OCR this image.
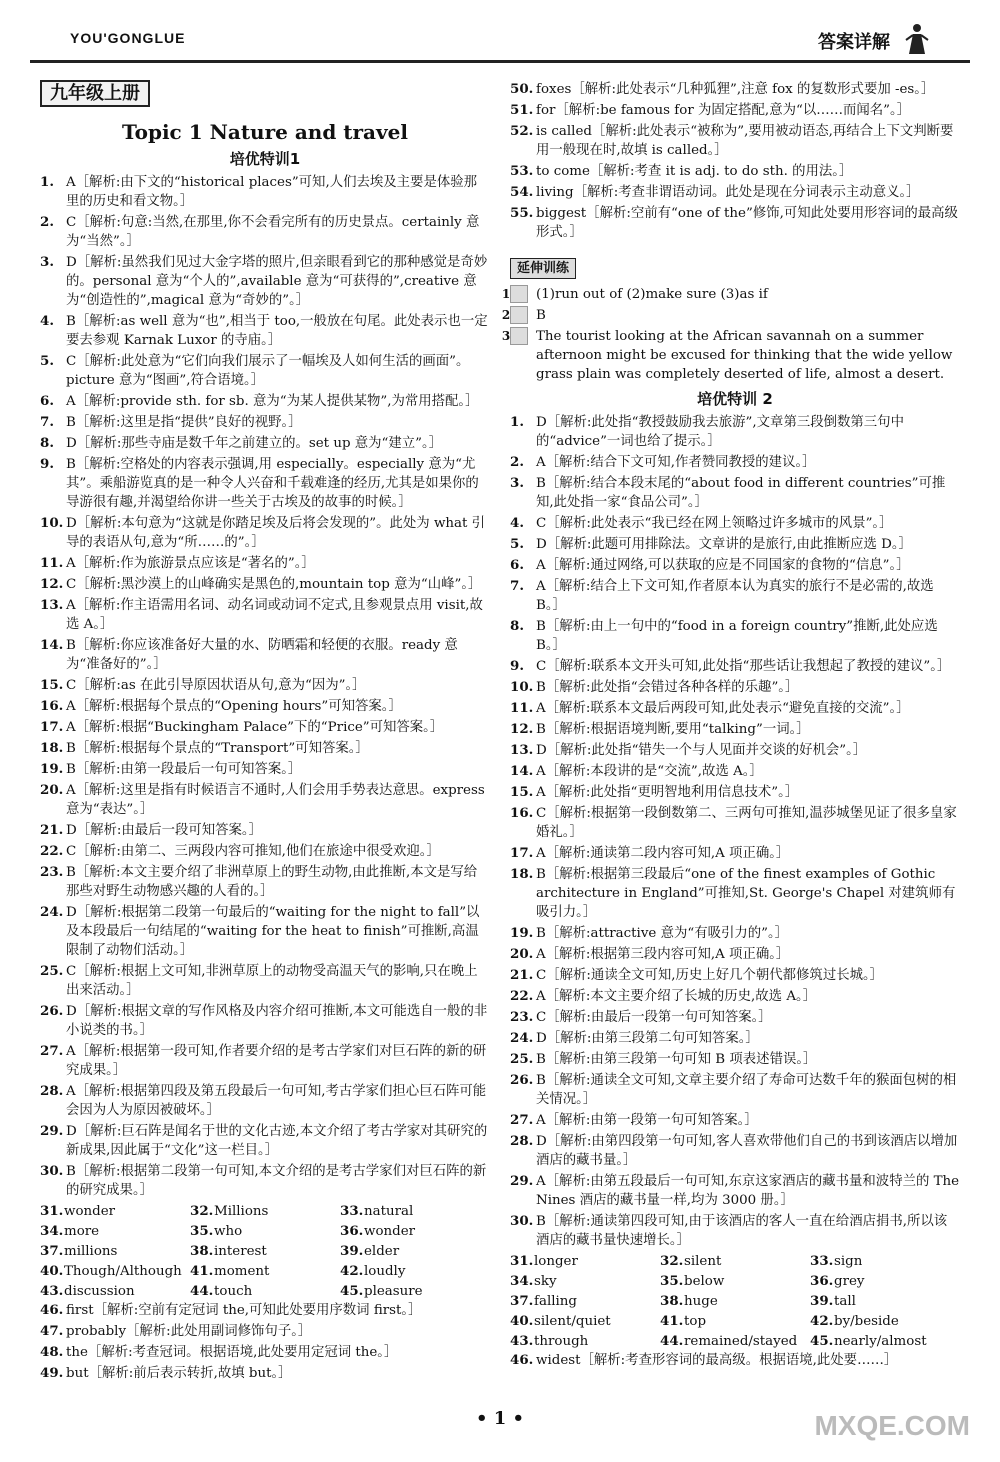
YOU'GONGLUE	答案详解
九年级上册
Topic 1 Nature and travel
培优特训1
1. A［解析:由下文的“historical places”可知,人们去埃及主要是体验那里的历史和看文物。］
2. C［解析:句意:当然,在那里,你不会看完所有的历史景点。certainly 意为“当然”。］
3. D［解析:虽然我们见过大金字塔的照片,但亲眼看到它的那种感觉是奇妙的。personal 意为“个人的”,available 意为“可获得的”,creative 意为“创造性的”,magical 意为“奇妙的”。］
4. B［解析:as well 意为“也”,相当于 too,一般放在句尾。此处表示也一定要去参观 Karnak Luxor 的寺庙。］
5. C［解析:此处意为“它们向我们展示了一幅埃及人如何生活的画面”。picture 意为“图画”,符合语境。］
6. A［解析:provide sth. for sb. 意为“为某人提供某物”,为常用搭配。］
7. B［解析:这里是指“提供”良好的视野。］
8. D［解析:那些寺庙是数千年之前建立的。set up 意为“建立”。］
9. B［解析:空格处的内容表示强调,用 especially。especially 意为“尤其”。乘船游览真的是一种令人兴奋和千载难逢的经历,尤其是如果你的导游很有趣,并渴望给你讲一些关于古埃及的故事的时候。］
10. D［解析:本句意为“这就是你踏足埃及后将会发现的”。此处为 what 引导的表语从句,意为“所……的”。］
11. A［解析:作为旅游景点应该是“著名的”。］
12. C［解析:黑沙漠上的山峰确实是黑色的,mountain top 意为“山峰”。］
13. A［解析:作主语需用名词、动名词或动词不定式,且参观景点用 visit,故选 A。］
14. B［解析:你应该准备好大量的水、防晒霜和轻便的衣服。ready 意为“准备好的”。］
15. C［解析:as 在此引导原因状语从句,意为“因为”。］
16. A［解析:根据每个景点的“Opening hours”可知答案。］
17. A［解析:根据“Buckingham Palace”下的“Price”可知答案。］
18. B［解析:根据每个景点的“Transport”可知答案。］
19. B［解析:由第一段最后一句可知答案。］
20. A［解析:这里是指有时候语言不通时,人们会用手势表达意思。express 意为“表达”。］
21. D［解析:由最后一段可知答案。］
22. C［解析:由第二、三两段内容可推知,他们在旅途中很受欢迎。］
23. B［解析:本文主要介绍了非洲草原上的野生动物,由此推断,本文是写给那些对野生动物感兴趣的人看的。］
24. D［解析:根据第二段第一句最后的“waiting for the night to fall”以及本段最后一句结尾的“waiting for the heat to finish”可推断,高温限制了动物们活动。］
25. C［解析:根据上文可知,非洲草原上的动物受高温天气的影响,只在晚上出来活动。］
26. D［解析:根据文章的写作风格及内容介绍可推断,本文可能选自一般的非小说类的书。］
27. A［解析:根据第一段可知,作者要介绍的是考古学家们对巨石阵的新的研究成果。］
28. A［解析:根据第四段及第五段最后一句可知,考古学家们担心巨石阵可能会因为人为原因被破坏。］
29. D［解析:巨石阵是闻名于世的文化古迹,本文介绍了考古学家对其研究的新成果,因此属于“文化”这一栏目。］
30. B［解析:根据第二段第一句可知,本文介绍的是考古学家们对巨石阵的新的研究成果。］
31.wonder	32.Millions	33.natural
34.more	35.who	36.wonder
37.millions	38.interest	39.elder
40.Though/Although 41.moment	42.loudly
43.discussion	44.touch	45.pleasure
46. first［解析:空前有定冠词 the,可知此处要用序数词 first。］
47. probably［解析:此处用副词修饰句子。］
48. the［解析:考查冠词。根据语境,此处要用定冠词 the。］
49. but［解析:前后表示转折,故填 but。］
50. foxes［解析:此处表示“几种狐狸”,注意 fox 的复数形式要加 -es。］
51. for［解析:be famous for 为固定搭配,意为“以……而闻名”。］
52. is called［解析:此处表示“被称为”,要用被动语态,再结合上下文判断要用一般现在时,故填 is called。］
53. to come［解析:考查 it is adj. to do sth. 的用法。］
54. living［解析:考查非谓语动词。此处是现在分词表示主动意义。］
55. biggest［解析:空前有“one of the”修饰,可知此处要用形容词的最高级形式。］
延伸训练
1 (1)run out of (2)make sure (3)as if
2 B
3 The tourist looking at the African savannah on a summer afternoon might be excused for thinking that the wide yellow grass plain was completely deserted of life, almost a desert.
培优特训 2
1. D［解析:此处指“教授鼓励我去旅游”,文章第三段倒数第三句中的“advice”一词也给了提示。］
2. A［解析:结合下文可知,作者赞同教授的建议。］
3. B［解析:结合本段末尾的“about food in different countries”可推知,此处指一家“食品公司”。］
4. C［解析:此处表示“我已经在网上领略过许多城市的风景”。］
5. D［解析:此题可用排除法。文章讲的是旅行,由此推断应选 D。］
6. A［解析:通过网络,可以获取的应是不同国家的食物的“信息”。］
7. A［解析:结合上下文可知,作者原本认为真实的旅行不是必需的,故选 B。］
8. B［解析:由上一句中的“food in a foreign country”推断,此处应选 B。］
9. C［解析:联系本文开头可知,此处指“那些话让我想起了教授的建议”。］
10. B［解析:此处指“会错过各种各样的乐趣”。］
11. A［解析:联系本文最后两段可知,此处表示“避免直接的交流”。］
12. B［解析:根据语境判断,要用“talking”一词。］
13. D［解析:此处指“错失一个与人见面并交谈的好机会”。］
14. A［解析:本段讲的是“交流”,故选 A。］
15. A［解析:此处指“更明智地利用信息技术”。］
16. C［解析:根据第一段倒数第二、三两句可推知,温莎城堡见证了很多皇家婚礼。］
17. A［解析:通读第二段内容可知,A 项正确。］
18. B［解析:根据第三段最后“one of the finest examples of Gothic architecture in England”可推知,St. George's Chapel 对建筑师有吸引力。］
19. B［解析:attractive 意为“有吸引力的”。］
20. A［解析:根据第三段内容可知,A 项正确。］
21. C［解析:通读全文可知,历史上好几个朝代都修筑过长城。］
22. A［解析:本文主要介绍了长城的历史,故选 A。］
23. C［解析:由最后一段第一句可知答案。］
24. D［解析:由第三段第二句可知答案。］
25. B［解析:由第三段第一句可知 B 项表述错误。］
26. B［解析:通读全文可知,文章主要介绍了寿命可达数千年的猴面包树的相关情况。］
27. A［解析:由第一段第一句可知答案。］
28. D［解析:由第四段第一句可知,客人喜欢带他们自己的书到该酒店以增加酒店的藏书量。］
29. A［解析:由第五段最后一句可知,东京这家酒店的藏书量和波特兰的 The Nines 酒店的藏书量一样,均为 3000 册。］
30. B［解析:通读第四段可知,由于该酒店的客人一直在给酒店捐书,所以该酒店的藏书量快速增长。］
31.longer	32.silent	33.sign
34.sky	35.below	36.grey
37.falling	38.huge	39.tall
40.silent/quiet	41.top	42.by/beside
43.through	44.remained/stayed 45.nearly/almost
46. widest［解析:考查形容词的最高级。根据语境,此处要……］
• 1 •	MXQE.COM
